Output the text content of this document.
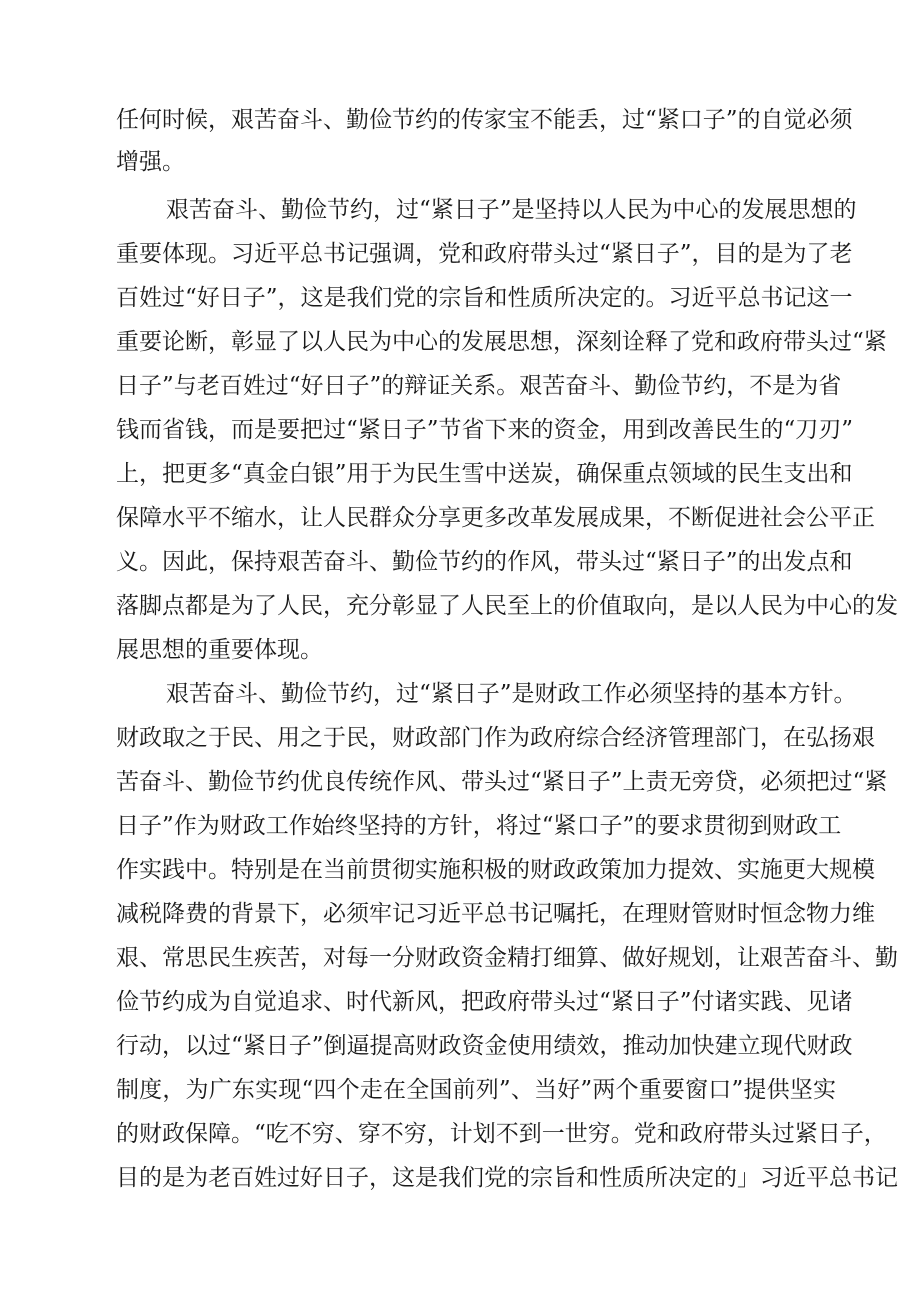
任何时候，艰苦奋斗、勤俭节约的传家宝不能丢，过“紧口子”的自觉必须
增强。
艰苦奋斗、勤俭节约，过“紧日子”是坚持以人民为中心的发展思想的
重要体现。习近平总书记强调，党和政府带头过“紧日子”，目的是为了老
百姓过“好日子”，这是我们党的宗旨和性质所决定的。习近平总书记这一
重要论断，彰显了以人民为中心的发展思想，深刻诠释了党和政府带头过“紧
日子”与老百姓过“好日子”的辩证关系。艰苦奋斗、勤俭节约，不是为省
钱而省钱，而是要把过“紧日子”节省下来的资金，用到改善民生的“刀刃”
上，把更多“真金白银”用于为民生雪中送炭，确保重点领域的民生支出和
保障水平不缩水，让人民群众分享更多改革发展成果，不断促进社会公平正
义。因此，保持艰苦奋斗、勤俭节约的作风，带头过“紧日子”的出发点和
落脚点都是为了人民，充分彰显了人民至上的价值取向，是以人民为中心的发
展思想的重要体现。
艰苦奋斗、勤俭节约，过“紧日子”是财政工作必须坚持的基本方针。
财政取之于民、用之于民，财政部门作为政府综合经济管理部门，在弘扬艰
苦奋斗、勤俭节约优良传统作风、带头过“紧日子”上责无旁贷，必须把过“紧
日子”作为财政工作始终坚持的方针，将过“紧口子”的要求贯彻到财政工
作实践中。特别是在当前贯彻实施积极的财政政策加力提效、实施更大规模
减税降费的背景下，必须牢记习近平总书记嘱托，在理财管财时恒念物力维
艰、常思民生疾苦，对每一分财政资金精打细算、做好规划，让艰苦奋斗、勤
俭节约成为自觉追求、时代新风，把政府带头过“紧日子”付诸实践、见诸
行动，以过“紧日子”倒逼提高财政资金使用绩效，推动加快建立现代财政
制度，为广东实现“四个走在全国前列”、当好”两个重要窗口”提供坚实
的财政保障。“吃不穷、穿不穷，计划不到一世穷。党和政府带头过紧日子，
目的是为老百姓过好日子，这是我们党的宗旨和性质所决定的」习近平总书记
